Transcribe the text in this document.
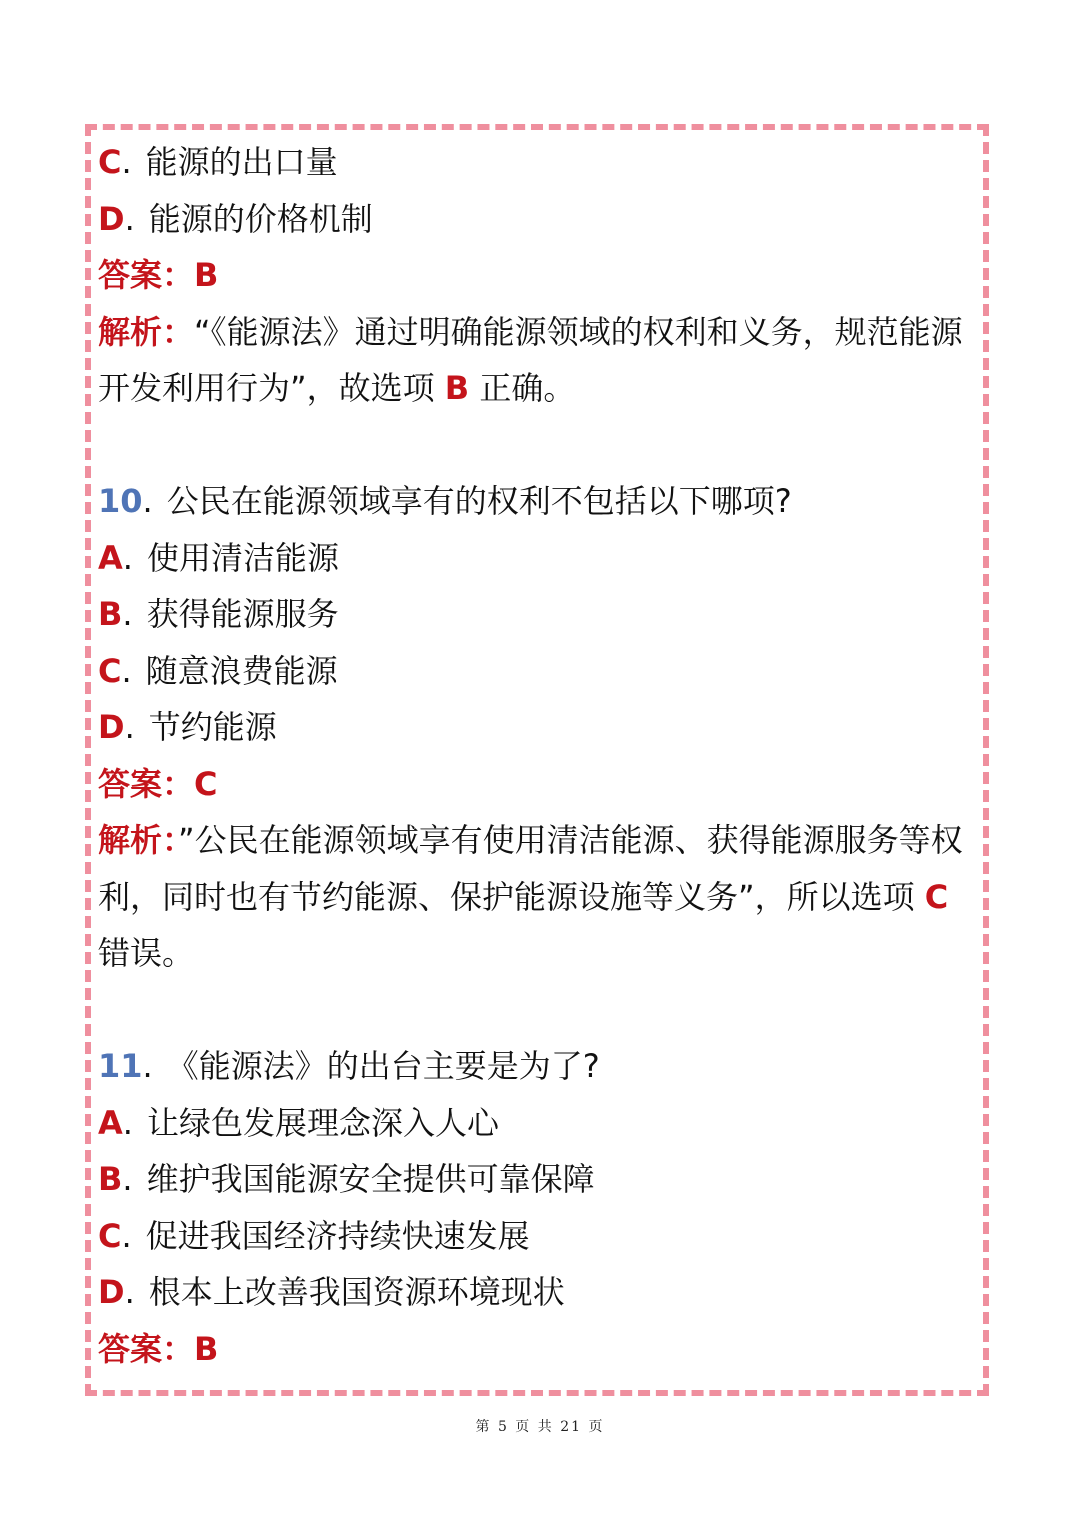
C. 能源的出口量
D. 能源的价格机制
答案：B
解析：“《能源法》通过明确能源领域的权利和义务，规范能源开发利用行为”，故选项 B 正确。
10. 公民在能源领域享有的权利不包括以下哪项?
A. 使用清洁能源
B. 获得能源服务
C. 随意浪费能源
D. 节约能源
答案：C
解析：”公民在能源领域享有使用清洁能源、获得能源服务等权利，同时也有节约能源、保护能源设施等义务”，所以选项 C 错误。
11. 《能源法》的出台主要是为了?
A. 让绿色发展理念深入人心
B. 维护我国能源安全提供可靠保障
C. 促进我国经济持续快速发展
D. 根本上改善我国资源环境现状
答案：B
第 5 页 共 21 页
